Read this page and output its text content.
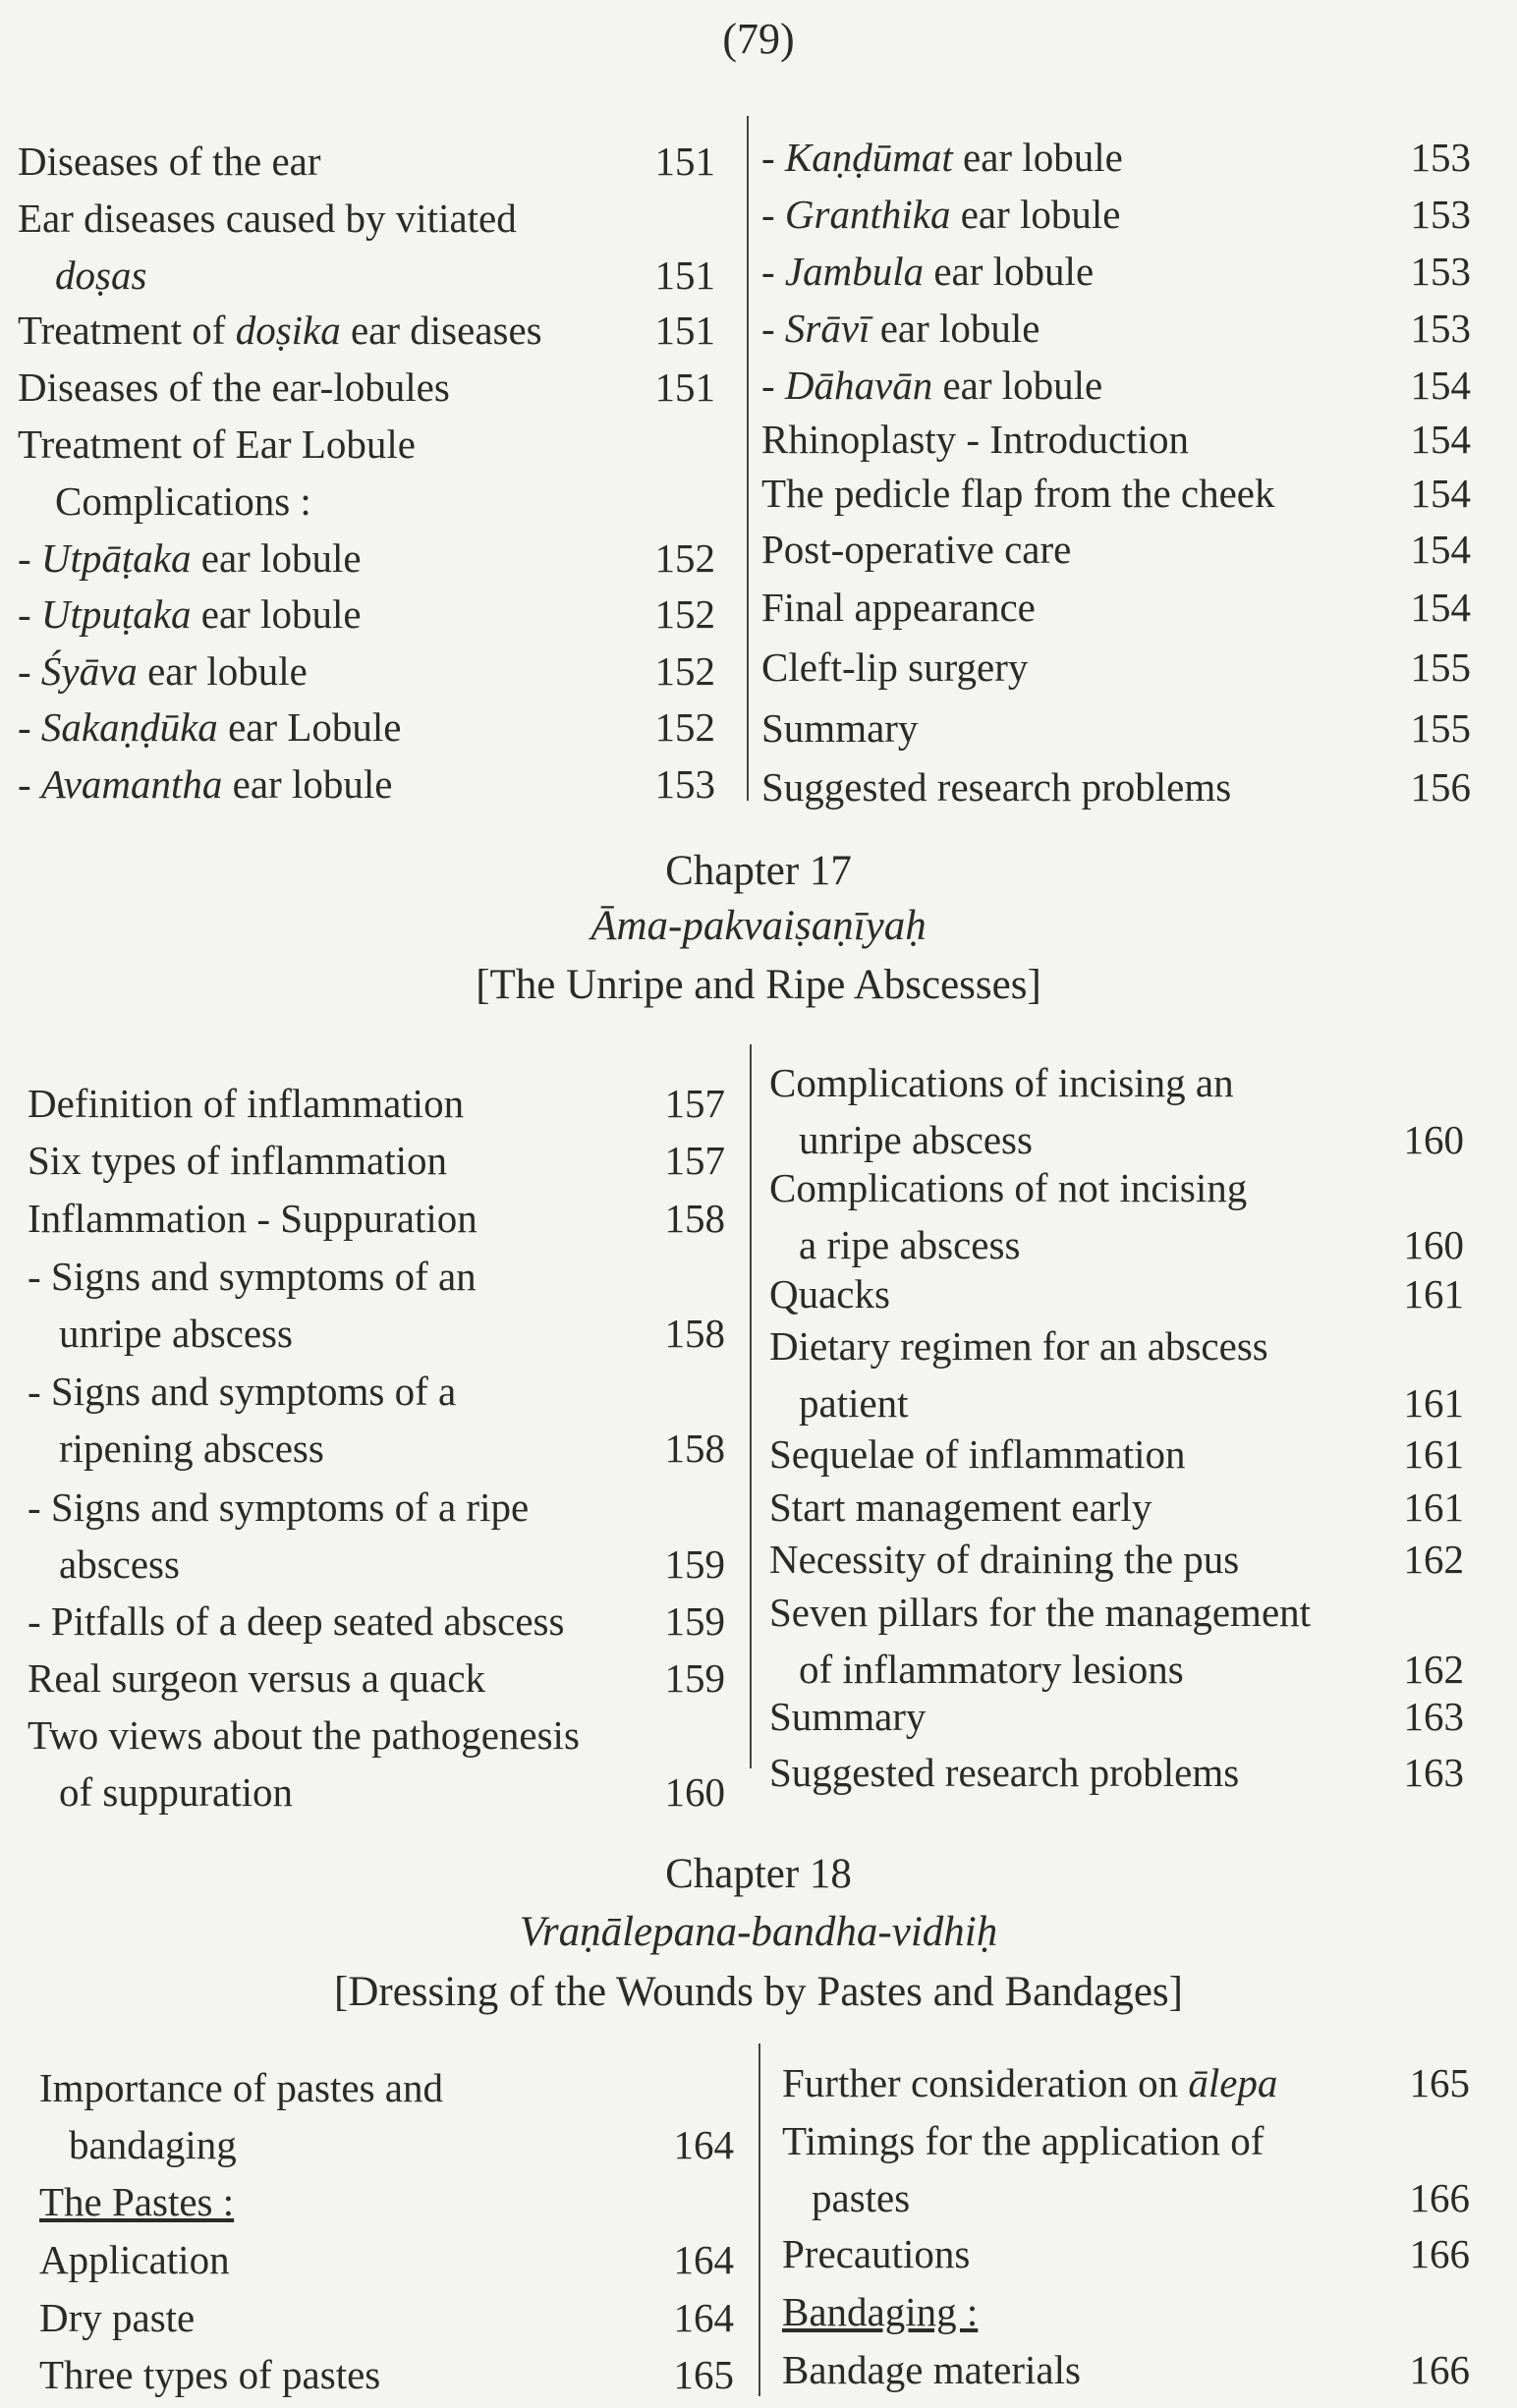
(79)
Diseases of the ear	151
Ear diseases caused by vitiated
doṣas	151
Treatment of doṣika ear diseases	151
Diseases of the ear-lobules	151
Treatment of Ear Lobule
Complications :
- Utpāṭaka ear lobule	152
- Utpuṭaka ear lobule	152
- Śyāva ear lobule	152
- Sakaṇḍūka ear Lobule	152
- Avamantha ear lobule	153
- Kaṇḍūmat ear lobule	153
- Granthika ear lobule	153
- Jambula ear lobule	153
- Srāvī ear lobule	153
- Dāhavān ear lobule	154
Rhinoplasty - Introduction	154
The pedicle flap from the cheek	154
Post-operative care	154
Final appearance	154
Cleft-lip surgery	155
Summary	155
Suggested research problems	156
Chapter 17
Āma-pakvaiṣaṇīyaḥ
[The Unripe and Ripe Abscesses]
Definition of inflammation	157
Six types of inflammation	157
Inflammation - Suppuration	158
- Signs and symptoms of an
unripe abscess	158
- Signs and symptoms of a
ripening abscess	158
- Signs and symptoms of a ripe
abscess	159
- Pitfalls of a deep seated abscess 159
Real surgeon versus a quack	159
Two views about the pathogenesis
of suppuration	160
Complications of incising an
unripe abscess	160
Complications of not incising
a ripe abscess	160
Quacks	161
Dietary regimen for an abscess
patient	161
Sequelae of inflammation	161
Start management early	161
Necessity of draining the pus	162
Seven pillars for the management
of inflammatory lesions	162
Summary	163
Suggested research problems	163
Chapter 18
Vraṇālepana-bandha-vidhiḥ
[Dressing of the Wounds by Pastes and Bandages]
Importance of pastes and
bandaging	164
The Pastes :
Application	164
Dry paste	164
Three types of pastes	165
Further consideration on ālepa	165
Timings for the application of
pastes	166
Precautions	166
Bandaging :
Bandage materials	166
